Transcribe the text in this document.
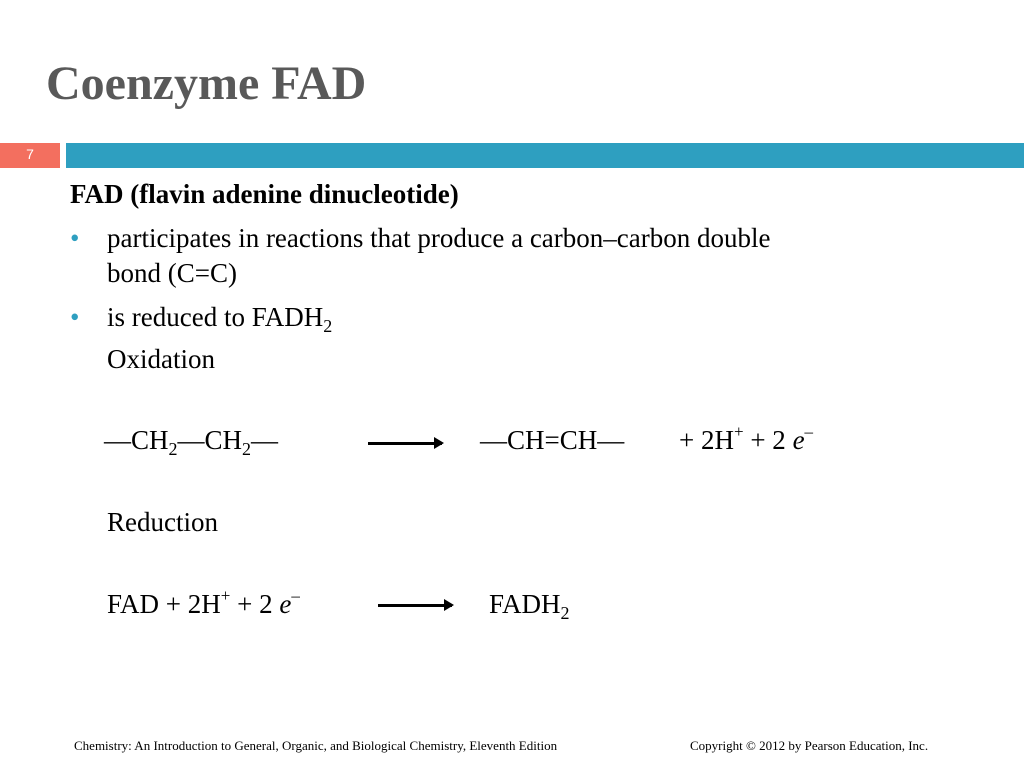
Coenzyme FAD
7
FAD (flavin adenine dinucleotide)
• participates in reactions that produce a carbon–carbon double
bond (C=C)
• is reduced to $FADH_2$
Oxidation
$—CH_2—CH_2—$	—CH=CH— + 2H+ + 2 e–
Reduction
FAD + 2H+ + 2 e–	$FADH_2$
Chemistry: An Introduction to General, Organic, and Biological Chemistry, Eleventh Edition	Copyright © 2012 by Pearson Education, Inc.
